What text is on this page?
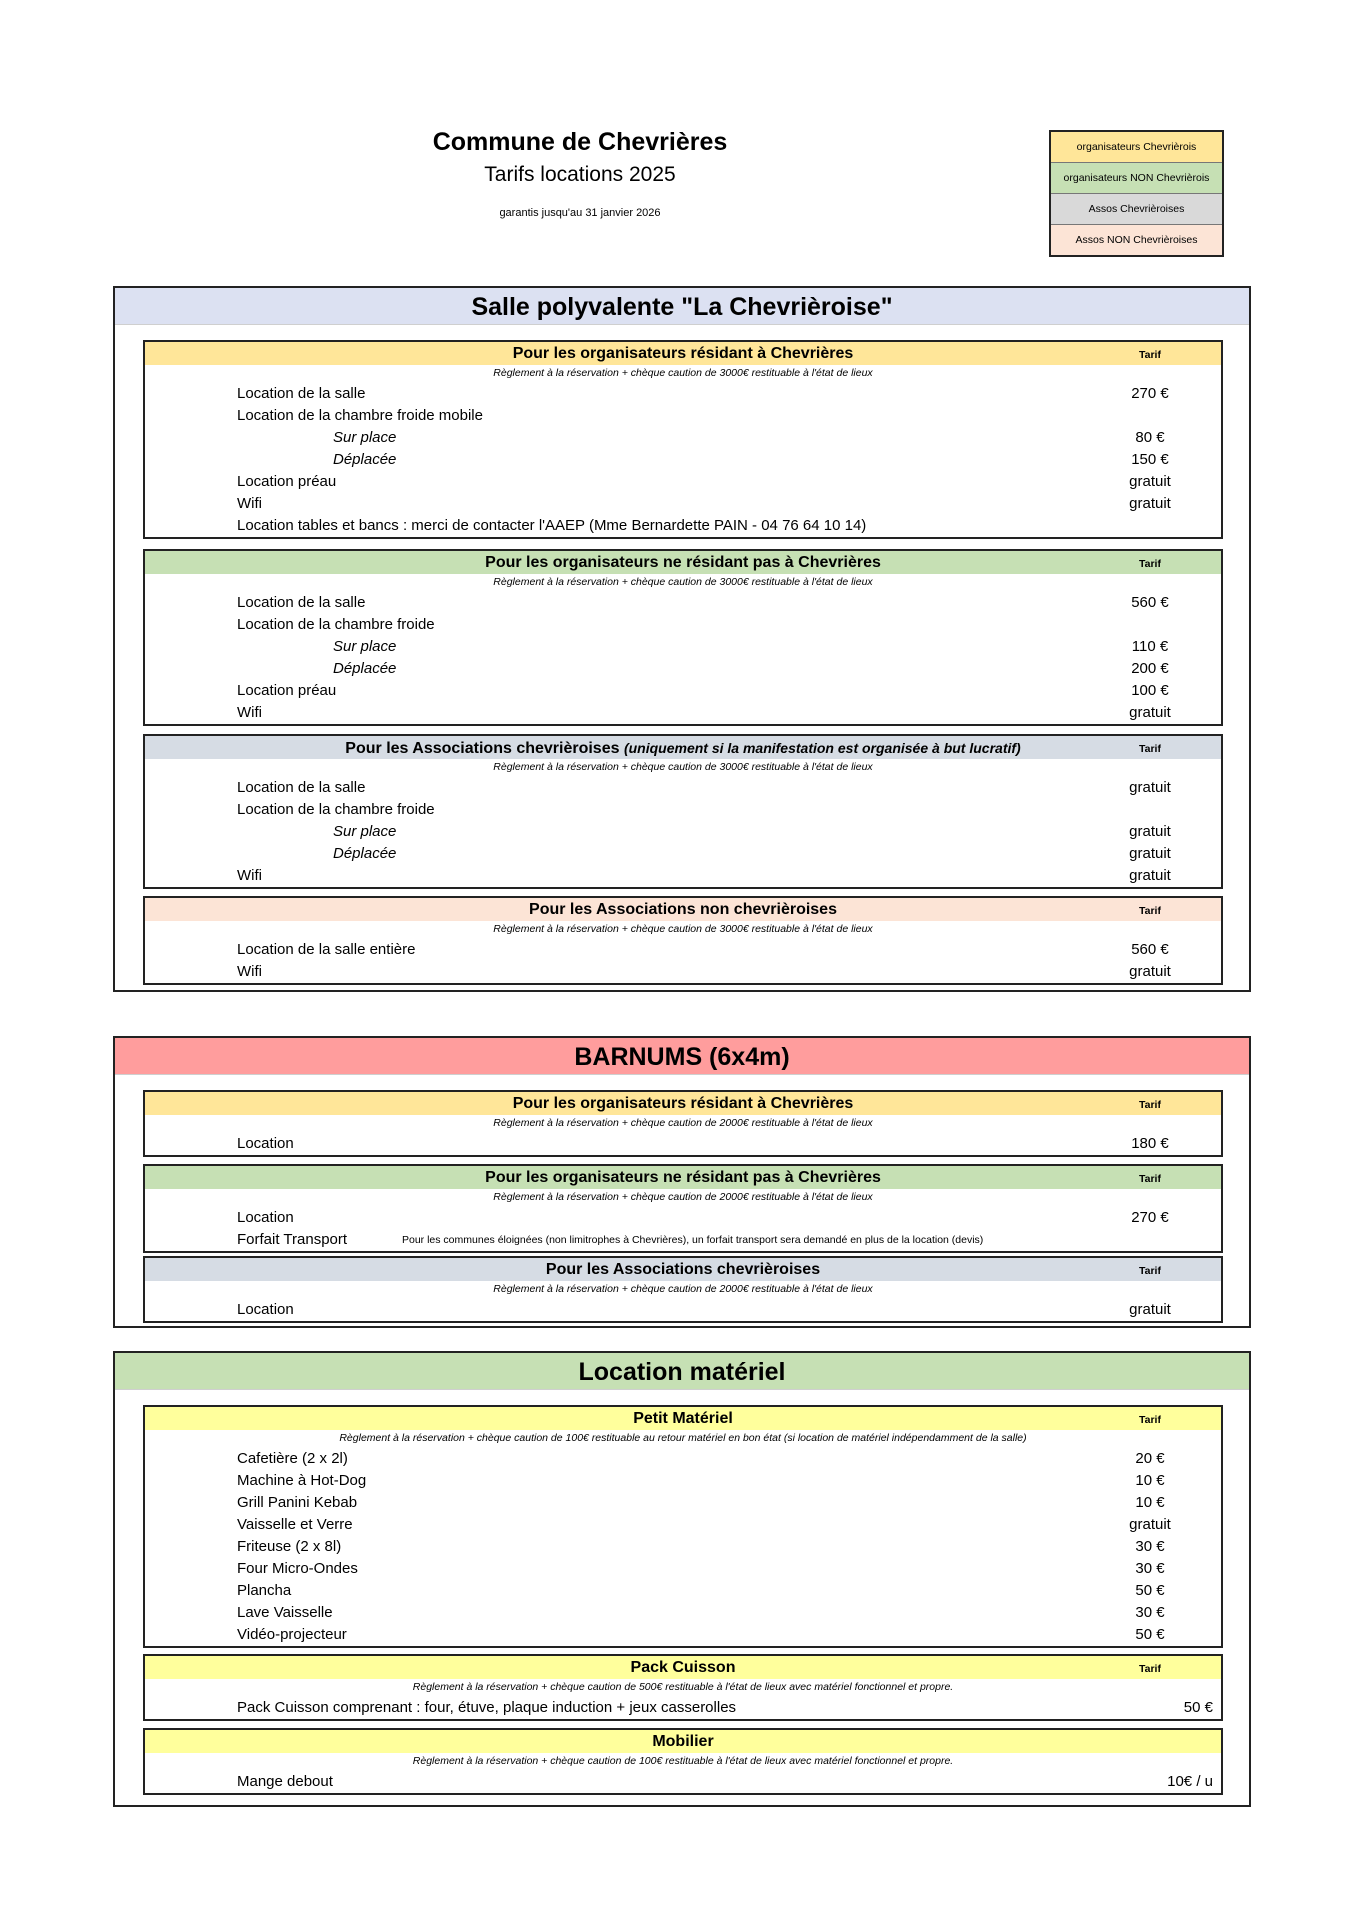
Commune de Chevrières
Tarifs locations 2025
garantis jusqu'au 31 janvier 2026
organisateurs Chevrièrois
organisateurs NON Chevrièrois
Assos Chevrièroises
Assos NON Chevrièroises
Salle polyvalente "La Chevrièroise"
Pour les organisateurs résidant à Chevrières	Tarif
Règlement à la réservation + chèque caution de 3000€ restituable à l'état de lieux
Location de la salle	270 €
Location de la chambre froide mobile
Sur place	80 €
Déplacée	150 €
Location préau	gratuit
Wifi	gratuit
Location tables et bancs : merci de contacter l'AAEP (Mme Bernardette PAIN - 04 76 64 10 14)
Pour les organisateurs ne résidant pas à Chevrières	Tarif
Règlement à la réservation + chèque caution de 3000€ restituable à l'état de lieux
Location de la salle	560 €
Location de la chambre froide
Sur place	110 €
Déplacée	200 €
Location préau	100 €
Wifi	gratuit
Pour les Associations chevrièroises (uniquement si la manifestation est organisée à but lucratif)	Tarif
Règlement à la réservation + chèque caution de 3000€ restituable à l'état de lieux
Location de la salle	gratuit
Location de la chambre froide
Sur place	gratuit
Déplacée	gratuit
Wifi	gratuit
Pour les Associations non chevrièroises	Tarif
Règlement à la réservation + chèque caution de 3000€ restituable à l'état de lieux
Location de la salle entière	560 €
Wifi	gratuit
BARNUMS (6x4m)
Pour les organisateurs résidant à Chevrières	Tarif
Règlement à la réservation + chèque caution de 2000€ restituable à l'état de lieux
Location	180 €
Pour les organisateurs ne résidant pas à Chevrières	Tarif
Règlement à la réservation + chèque caution de 2000€ restituable à l'état de lieux
Location	270 €
Forfait Transport	Pour les communes éloignées (non limitrophes à Chevrières), un forfait transport sera demandé en plus de la location (devis)
Pour les Associations chevrièroises	Tarif
Règlement à la réservation + chèque caution de 2000€ restituable à l'état de lieux
Location	gratuit
Location matériel
Petit Matériel	Tarif
Règlement à la réservation + chèque caution de 100€ restituable au retour matériel en bon état (si location de matériel indépendamment de la salle)
Cafetière (2 x 2l)	20 €
Machine à Hot-Dog	10 €
Grill Panini Kebab	10 €
Vaisselle et Verre	gratuit
Friteuse (2 x 8l)	30 €
Four Micro-Ondes	30 €
Plancha	50 €
Lave Vaisselle	30 €
Vidéo-projecteur	50 €
Pack Cuisson	Tarif
Règlement à la réservation + chèque caution de 500€ restituable à l'état de lieux avec matériel fonctionnel et propre.
Pack Cuisson comprenant : four, étuve, plaque induction + jeux casserolles	50 €
Mobilier
Règlement à la réservation + chèque caution de 100€ restituable à l'état de lieux avec matériel fonctionnel et propre.
Mange debout	10€ / u
